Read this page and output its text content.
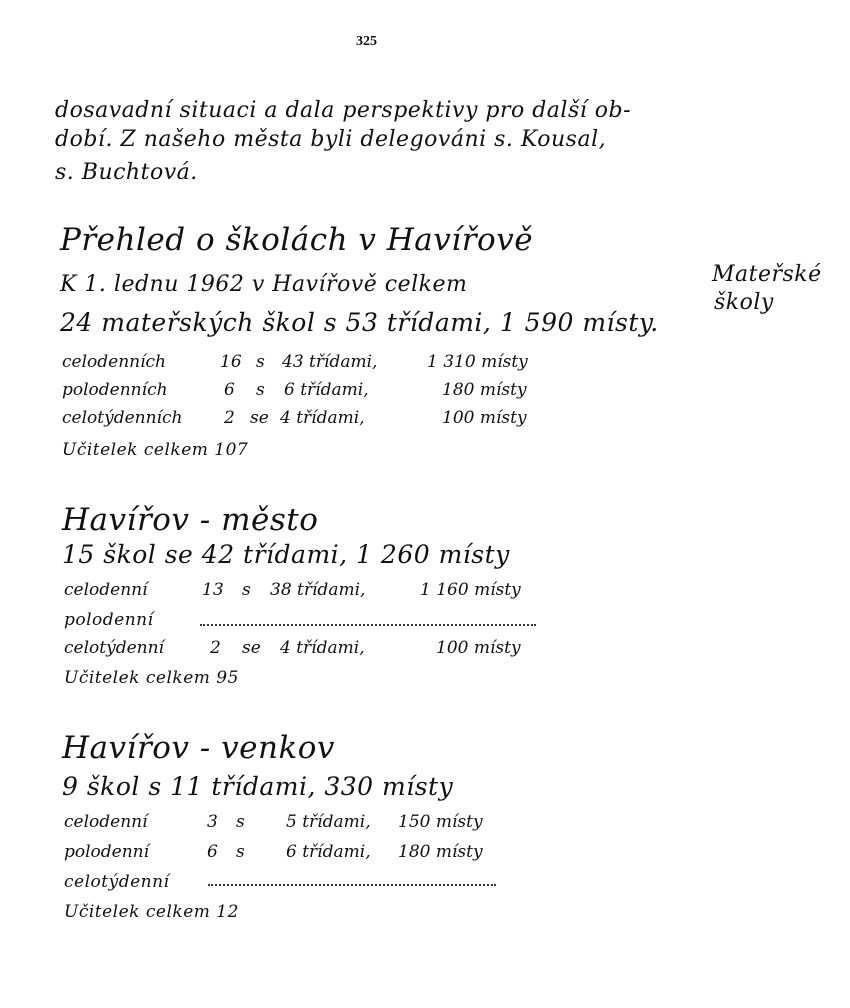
325
dosavadní situaci a dala perspektivy pro další ob-
dobí. Z našeho města byli delegováni s. Kousal,
s. Buchtová.
Přehled o školách v Havířově
K 1. lednu 1962 v Havířově celkem
24 mateřských škol s 53 třídami, 1 590 místy.
Mateřské
školy
celodenních	16 s 43 třídami,	1 310 místy
polodenních	6 s 6 třídami,	180 místy
celotýdenních 2 se 4 třídami,	100 místy
Učitelek celkem 107
Havířov - město
15 škol se 42 třídami, 1 260 místy
celodenní	13 s 38 třídami,	1 160 místy
polodenní
celotýdenní	2 se 4 třídami,	100 místy
Učitelek celkem 95
Havířov - venkov
9 škol s 11 třídami, 330 místy
celodenní	3 s 5 třídami, 150 místy
polodenní	6 s 6 třídami, 180 místy
celotýdenní
Učitelek celkem 12
